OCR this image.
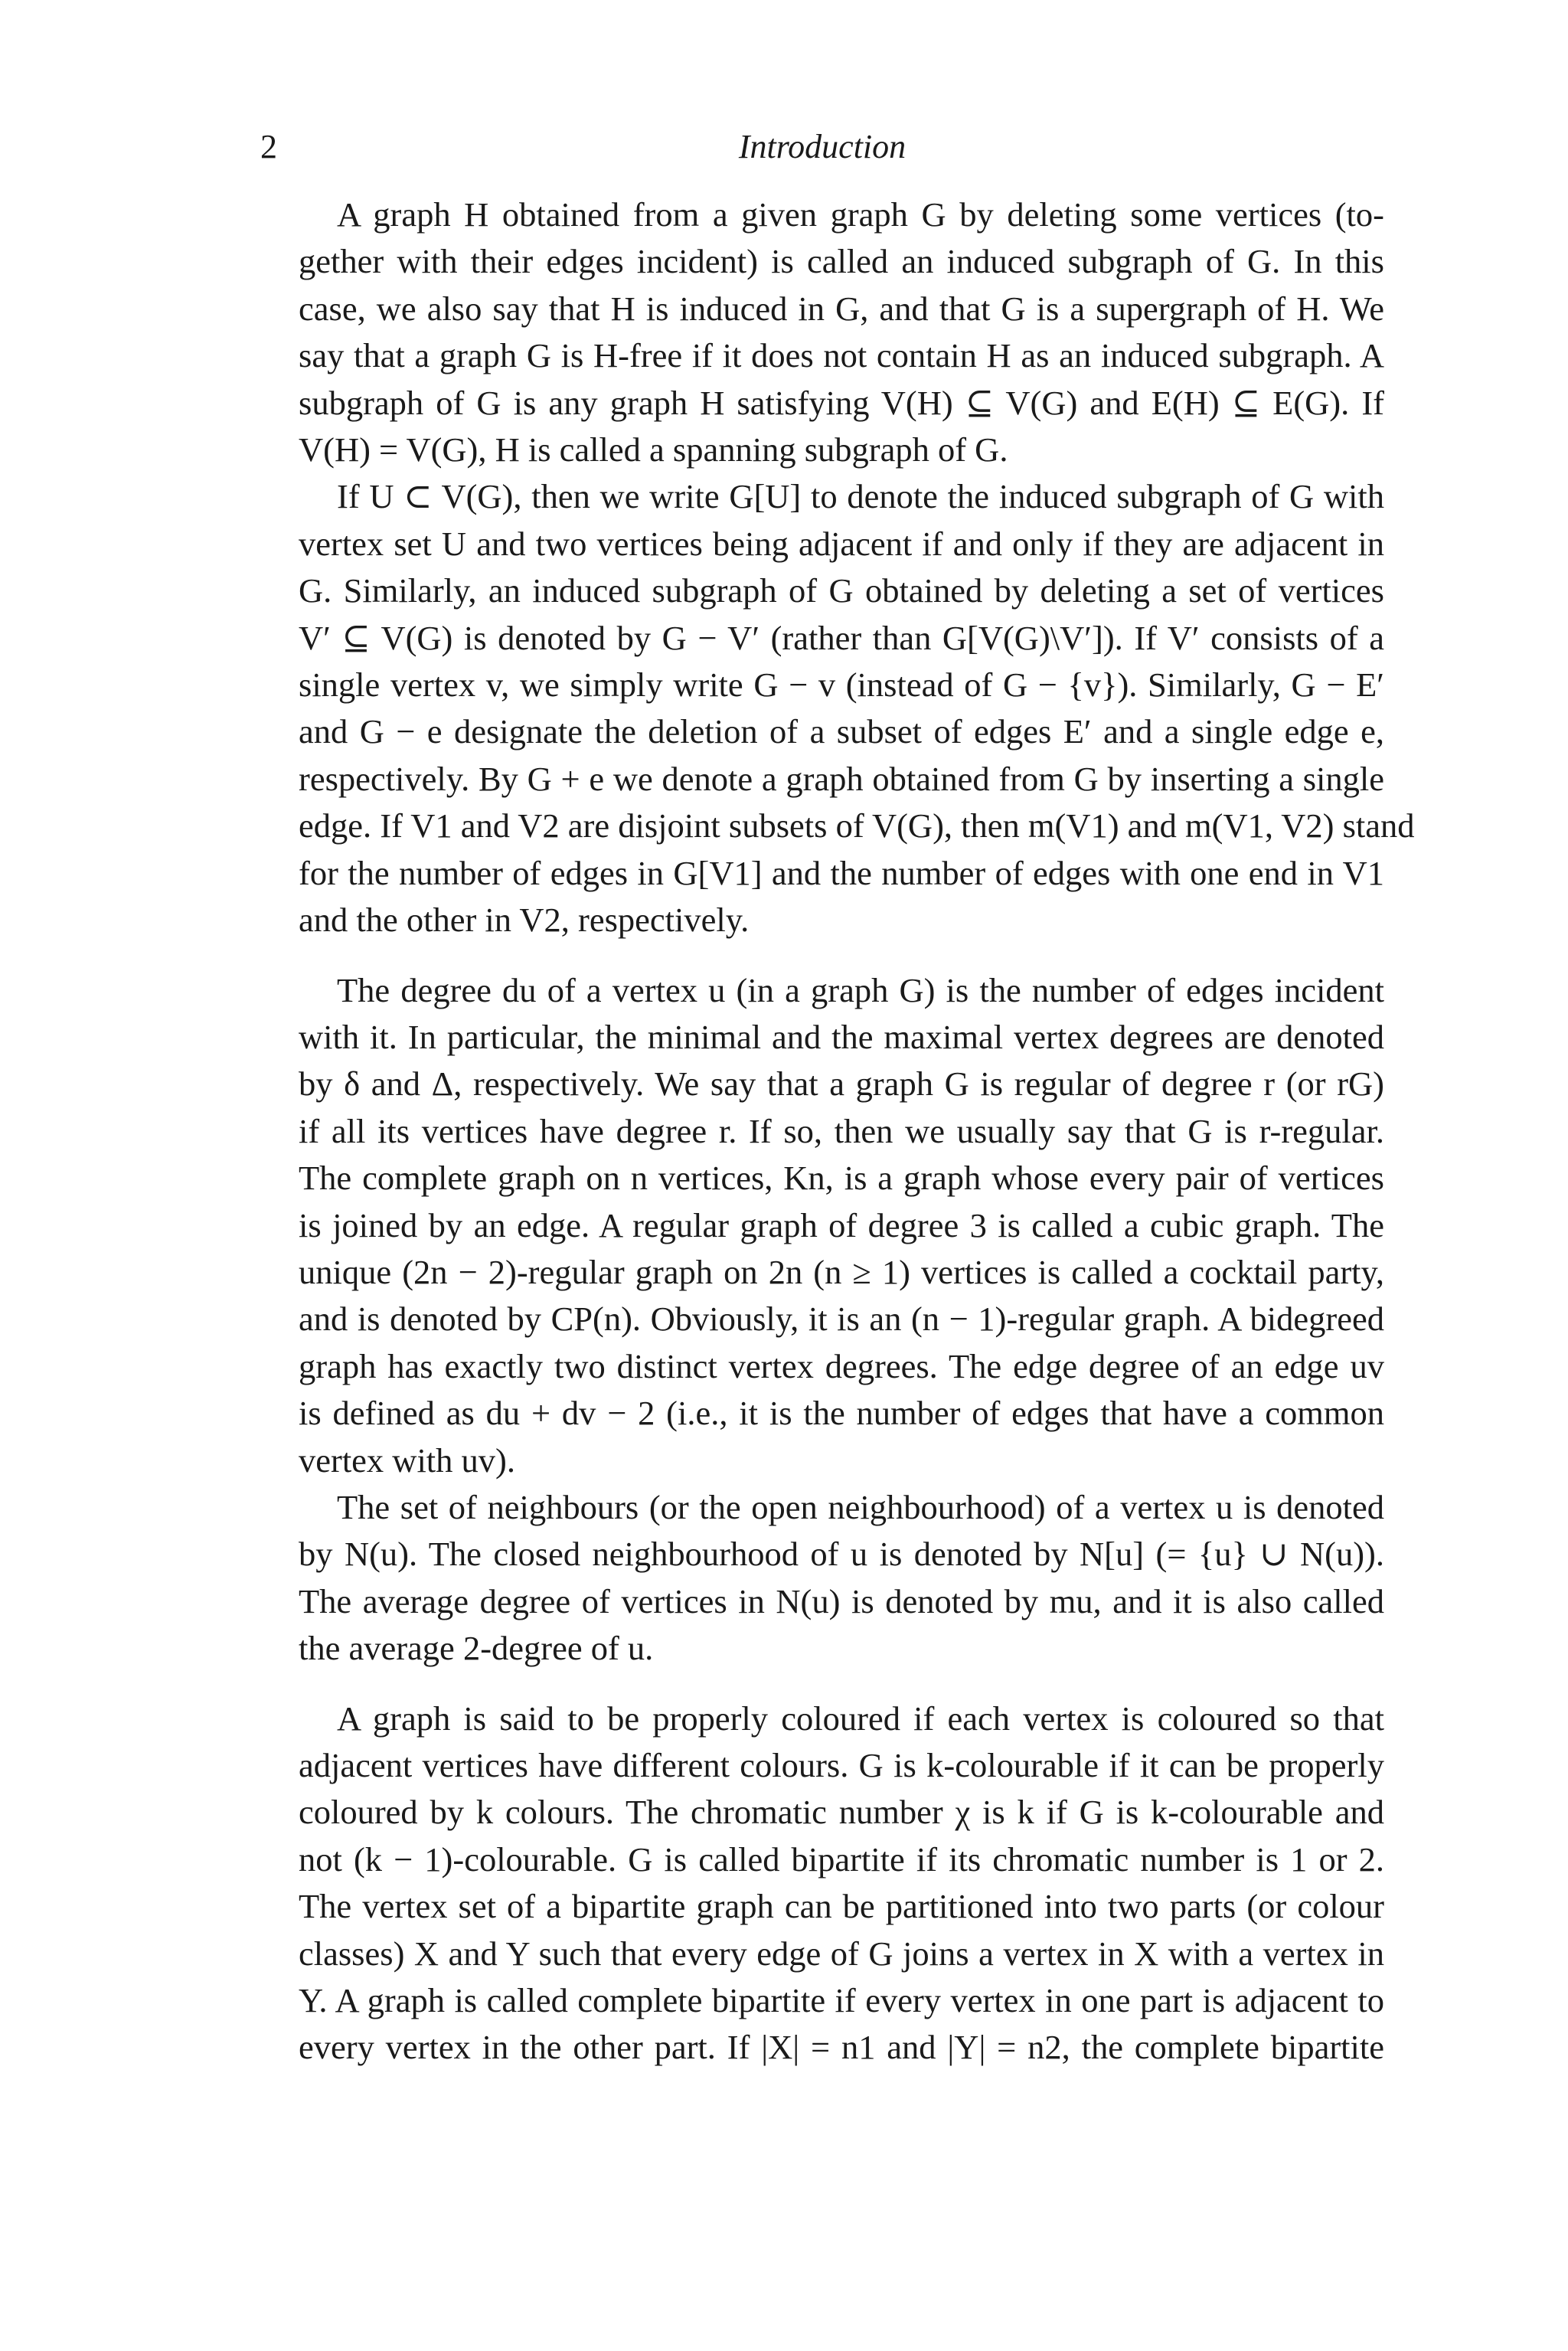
2	Introduction
A graph H obtained from a given graph G by deleting some vertices (to-
gether with their edges incident) is called an induced subgraph of G. In this
case, we also say that H is induced in G, and that G is a supergraph of H. We
say that a graph G is H-free if it does not contain H as an induced subgraph. A
subgraph of G is any graph H satisfying V(H) ⊆ V(G) and E(H) ⊆ E(G). If
V(H) = V(G), H is called a spanning subgraph of G.
If U ⊂ V(G), then we write G[U] to denote the induced subgraph of G with
vertex set U and two vertices being adjacent if and only if they are adjacent in
G. Similarly, an induced subgraph of G obtained by deleting a set of vertices
V′ ⊆ V(G) is denoted by G − V′ (rather than G[V(G)\V′]). If V′ consists of a
single vertex v, we simply write G − v (instead of G − {v}). Similarly, G − E′
and G − e designate the deletion of a subset of edges E′ and a single edge e,
respectively. By G + e we denote a graph obtained from G by inserting a single
edge. If V1 and V2 are disjoint subsets of V(G), then m(V1) and m(V1, V2) stand
for the number of edges in G[V1] and the number of edges with one end in V1
and the other in V2, respectively.
The degree du of a vertex u (in a graph G) is the number of edges incident
with it. In particular, the minimal and the maximal vertex degrees are denoted
by δ and Δ, respectively. We say that a graph G is regular of degree r (or rG)
if all its vertices have degree r. If so, then we usually say that G is r-regular.
The complete graph on n vertices, Kn, is a graph whose every pair of vertices
is joined by an edge. A regular graph of degree 3 is called a cubic graph. The
unique (2n − 2)-regular graph on 2n (n ≥ 1) vertices is called a cocktail party,
and is denoted by CP(n). Obviously, it is an (n − 1)-regular graph. A bidegreed
graph has exactly two distinct vertex degrees. The edge degree of an edge uv
is defined as du + dv − 2 (i.e., it is the number of edges that have a common
vertex with uv).
The set of neighbours (or the open neighbourhood) of a vertex u is denoted
by N(u). The closed neighbourhood of u is denoted by N[u] (= {u} ∪ N(u)).
The average degree of vertices in N(u) is denoted by mu, and it is also called
the average 2-degree of u.
A graph is said to be properly coloured if each vertex is coloured so that
adjacent vertices have different colours. G is k-colourable if it can be properly
coloured by k colours. The chromatic number χ is k if G is k-colourable and
not (k − 1)-colourable. G is called bipartite if its chromatic number is 1 or 2.
The vertex set of a bipartite graph can be partitioned into two parts (or colour
classes) X and Y such that every edge of G joins a vertex in X with a vertex in
Y. A graph is called complete bipartite if every vertex in one part is adjacent to
every vertex in the other part. If |X| = n1 and |Y| = n2, the complete bipartite
